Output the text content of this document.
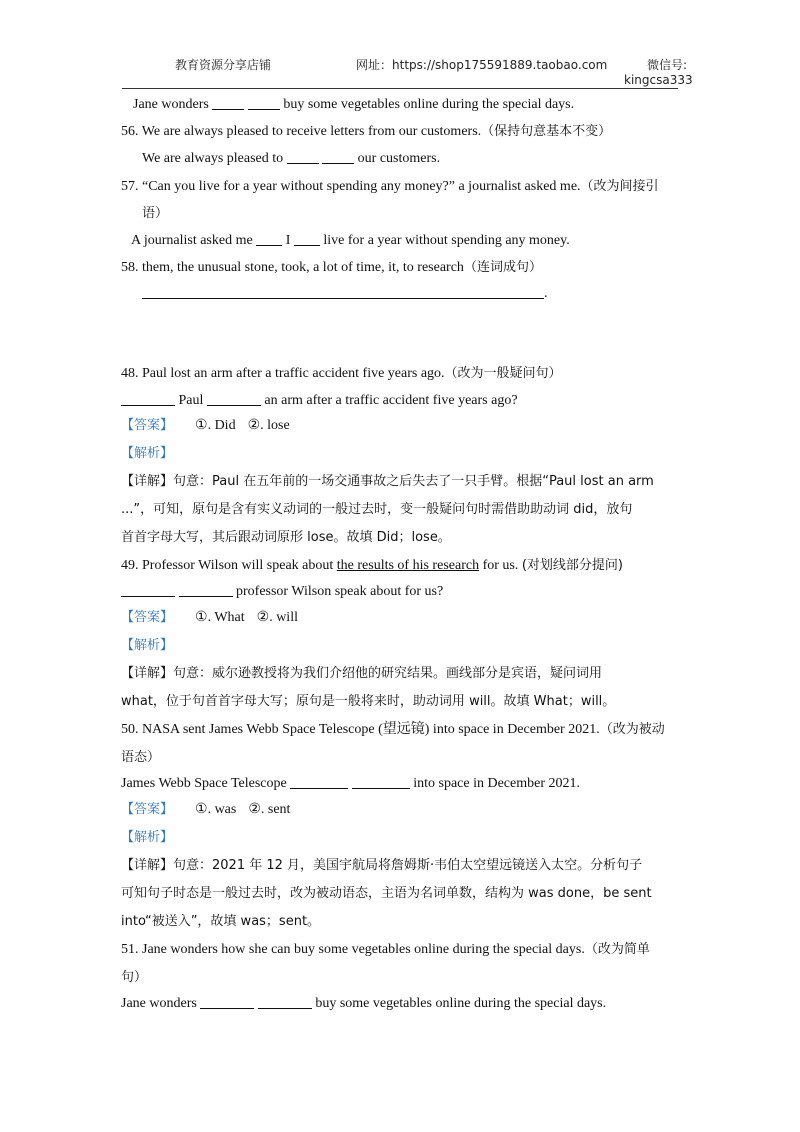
教育资源分享店铺	网址：https://shop175591889.taobao.com	微信号:
kingcsa333
Jane wonders	buy some vegetables online during the special days.
56. We are always pleased to receive letters from our customers.（保持句意基本不变）
We are always pleased to	our customers.
57. “Can you live for a year without spending any money?” a journalist asked me.（改为间接引
语）
A journalist asked me I live for a year without spending any money.
58. them, the unusual stone, took, a lot of time, it, to research（连词成句）
.
48. Paul lost an arm after a traffic accident five years ago.（改为一般疑问句）
Paul	an arm after a traffic accident five years ago?
【答案】 ①. Did ②. lose
【解析】
【详解】句意：Paul 在五年前的一场交通事故之后失去了一只手臂。根据“Paul lost an arm
...”，可知，原句是含有实义动词的一般过去时，变一般疑问句时需借助助动词 did，放句
首首字母大写，其后跟动词原形 lose。故填 Did；lose。
49. Professor Wilson will speak about the results of his research for us. (对划线部分提问)
professor Wilson speak about for us?
【答案】 ①. What ②. will
【解析】
【详解】句意：威尔逊教授将为我们介绍他的研究结果。画线部分是宾语，疑问词用
what，位于句首首字母大写；原句是一般将来时，助动词用 will。故填 What；will。
50. NASA sent James Webb Space Telescope (望远镜) into space in December 2021.（改为被动
语态）
James Webb Space Telescope	into space in December 2021.
【答案】 ①. was ②. sent
【解析】
【详解】句意：2021 年 12 月，美国宇航局将詹姆斯·韦伯太空望远镜送入太空。分析句子
可知句子时态是一般过去时，改为被动语态，主语为名词单数，结构为 was done，be sent
into“被送入”，故填 was；sent。
51. Jane wonders how she can buy some vegetables online during the special days.（改为简单
句）
Jane wonders	buy some vegetables online during the special days.
